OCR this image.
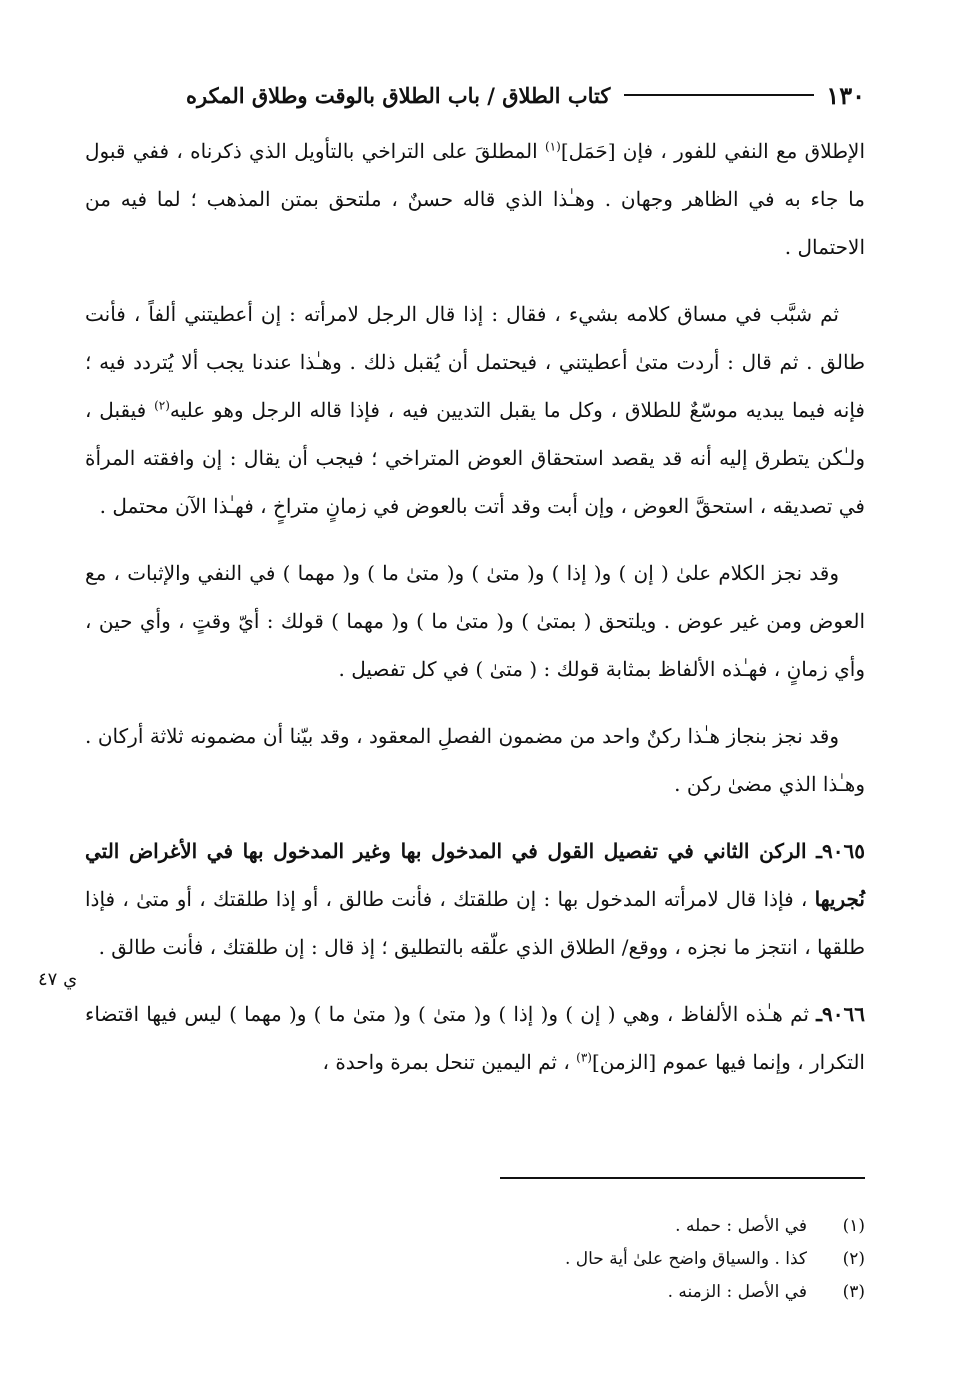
١٣٠
كتاب الطلاق / باب الطلاق بالوقت وطلاق المكره

الإطلاق مع النفي للفور ، فإن [حَمَل]$^{(١)}$ المطلقَ على التراخي بالتأويل الذي ذكرناه ، ففي قبول ما جاء به في الظاهر وجهان . وهـٰذا الذي قاله حسنٌ ، ملتحق بمتن المذهب ؛ لما فيه من الاحتمال .

ثم شبَّب في مساق كلامه بشيء ، فقال : إذا قال الرجل لامرأته : إن أعطيتني ألفاً ، فأنت طالق . ثم قال : أردت متىٰ أعطيتني ، فيحتمل أن يُقبل ذلك . وهـٰذا عندنا يجب ألا يُتردد فيه ؛ فإنه فيما يبديه موسّعٌ للطلاق ، وكل ما يقبل التديين فيه ، فإذا قاله الرجل وهو عليه$^{(٢)}$ فيقبل ، ولـٰكن يتطرق إليه أنه قد يقصد استحقاق العوض المتراخي ؛ فيجب أن يقال : إن وافقته المرأة في تصديقه ، استحقَّ العوض ، وإن أبت وقد أتت بالعوض في زمانٍ متراخٍ ، فهـٰذا الآن محتمل .

وقد نجز الكلام علىٰ ( إن ) و( إذا ) و( متىٰ ) و( متىٰ ما ) و( مهما ) في النفي والإثبات ، مع العوض ومن غير عوض . ويلتحق ( بمتىٰ ) و( متىٰ ما ) و( مهما ) قولك : أيّ وقتٍ ، وأي حين ، وأي زمانٍ ، فهـٰذه الألفاظ بمثابة قولك : ( متىٰ ) في كل تفصيل .

وقد نجز بنجاز هـٰذا ركنٌ واحد من مضمون الفصلِ المعقود ، وقد بيّنا أن مضمونه ثلاثة أركان . وهـٰذا الذي مضىٰ ركن .

٩٠٦٥ـ الركن الثاني في تفصيل القول في المدخول بها وغير المدخول بها في الأغراض التي نُجريها ، فإذا قال لامرأته المدخول بها : إن طلقتك ، فأنت طالق ، أو إذا طلقتك ، أو متىٰ ، فإذا طلقها ، انتجز ما نجزه ، ووقع/ الطلاق الذي علّقه بالتطليق ؛ إذ قال : إن طلقتك ، فأنت طالق .

٩٠٦٦ـ ثم هـٰذه الألفاظ ، وهي ( إن ) و( إذا ) و( متىٰ ) و( متىٰ ما ) و( مهما ) ليس فيها اقتضاء التكرار ، وإنما فيها عموم [الزمن]$^{(٣)}$ ، ثم اليمين تنحل بمرة واحدة ،

ي ٤٧
(١)
في الأصل : حمله .
(٢)
كذا . والسياق واضح علىٰ أية حال .
(٣)
في الأصل : الزمنه .
